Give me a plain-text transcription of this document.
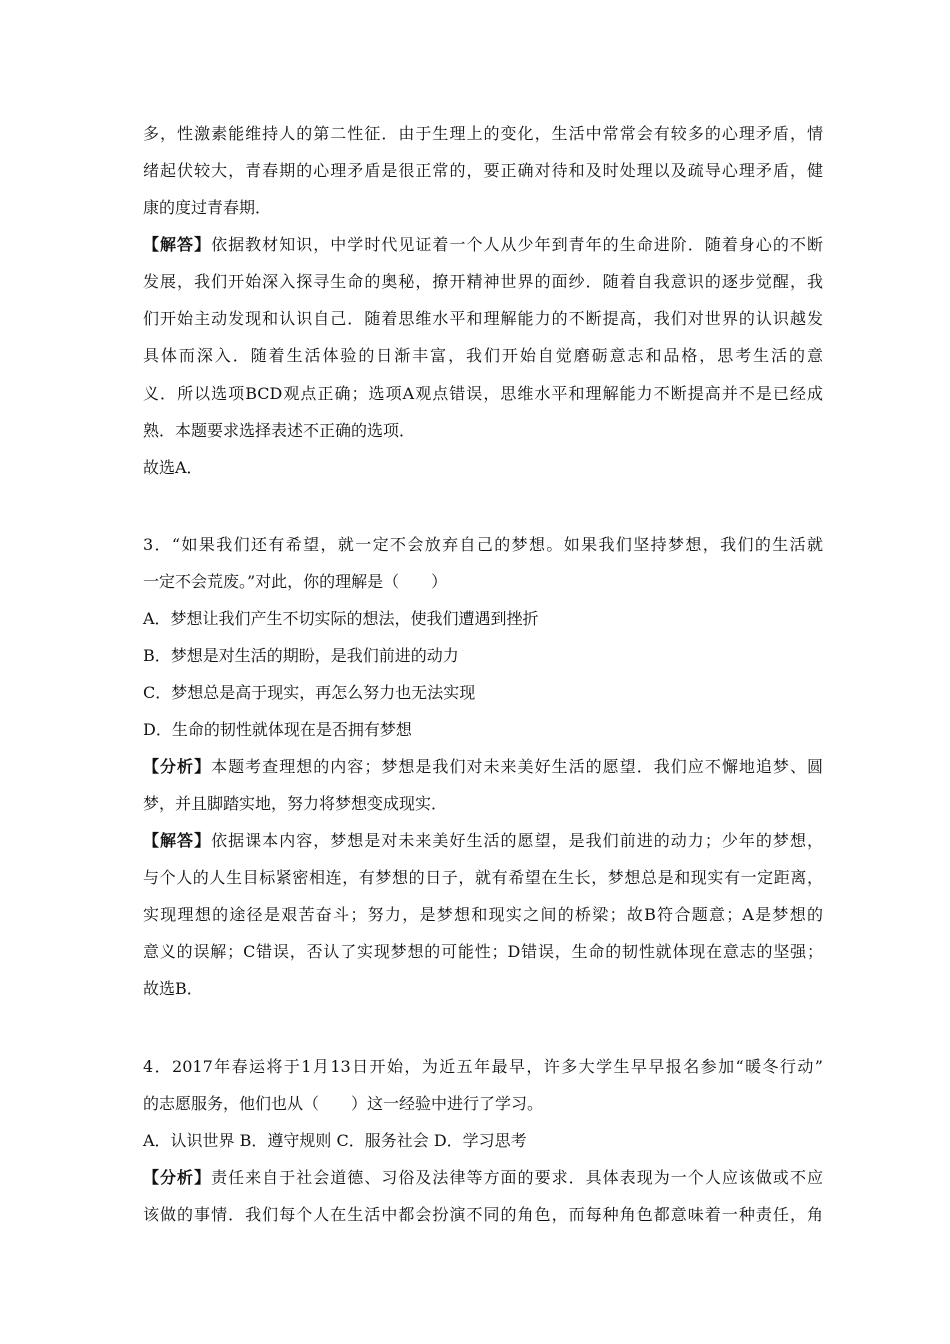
多，性激素能维持人的第二性征．由于生理上的变化，生活中常常会有较多的心理矛盾，情
绪起伏较大，青春期的心理矛盾是很正常的，要正确对待和及时处理以及疏导心理矛盾，健
康的度过青春期．
【解答】依据教材知识，中学时代见证着一个人从少年到青年的生命进阶．随着身心的不断
发展，我们开始深入探寻生命的奥秘，撩开精神世界的面纱．随着自我意识的逐步觉醒，我
们开始主动发现和认识自己．随着思维水平和理解能力的不断提高，我们对世界的认识越发
具体而深入．随着生活体验的日渐丰富，我们开始自觉磨砺意志和品格，思考生活的意
义．所以选项BCD观点正确；选项A观点错误，思维水平和理解能力不断提高并不是已经成
熟．本题要求选择表述不正确的选项．
故选A．
3．“如果我们还有希望，就一定不会放弃自己的梦想。如果我们坚持梦想，我们的生活就
一定不会荒废。”对此，你的理解是（　　）
A．梦想让我们产生不切实际的想法，使我们遭遇到挫折
B．梦想是对生活的期盼，是我们前进的动力
C．梦想总是高于现实，再怎么努力也无法实现
D．生命的韧性就体现在是否拥有梦想
【分析】本题考查理想的内容；梦想是我们对未来美好生活的愿望．我们应不懈地追梦、圆
梦，并且脚踏实地，努力将梦想变成现实．
【解答】依据课本内容，梦想是对未来美好生活的愿望，是我们前进的动力；少年的梦想，
与个人的人生目标紧密相连，有梦想的日子，就有希望在生长，梦想总是和现实有一定距离，
实现理想的途径是艰苦奋斗；努力，是梦想和现实之间的桥梁；故B符合题意；A是梦想的
意义的误解；C错误，否认了实现梦想的可能性；D错误，生命的韧性就体现在意志的坚强；
故选B．
4．2017年春运将于1月13日开始，为近五年最早，许多大学生早早报名参加“暖冬行动”
的志愿服务，他们也从（　　）这一经验中进行了学习。
A．认识世界 B．遵守规则 C．服务社会 D．学习思考
【分析】责任来自于社会道德、习俗及法律等方面的要求．具体表现为一个人应该做或不应
该做的事情．我们每个人在生活中都会扮演不同的角色，而每种角色都意味着一种责任，角
